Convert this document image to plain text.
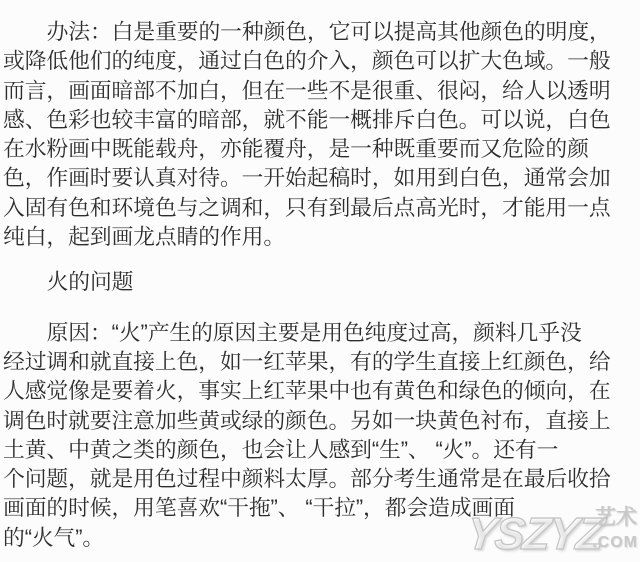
办法：白是重要的一种颜色，它可以提高其他颜色的明度，
或降低他们的纯度，通过白色的介入，颜色可以扩大色域。一般
而言，画面暗部不加白，但在一些不是很重、很闷，给人以透明
感、色彩也较丰富的暗部，就不能一概排斥白色。可以说，白色
在水粉画中既能载舟，亦能覆舟，是一种既重要而又危险的颜
色，作画时要认真对待。一开始起稿时，如用到白色，通常会加
入固有色和环境色与之调和，只有到最后点高光时，才能用一点
纯白，起到画龙点睛的作用。
火的问题
原因：“火”产生的原因主要是用色纯度过高，颜料几乎没
经过调和就直接上色，如一红苹果，有的学生直接上红颜色，给
人感觉像是要着火，事实上红苹果中也有黄色和绿色的倾向，在
调色时就要注意加些黄或绿的颜色。另如一块黄色衬布，直接上
土黄、中黄之类的颜色，也会让人感到“生”、 “火”。还有一
个问题，就是用色过程中颜料太厚。部分考生通常是在最后收拾
画面的时候，用笔喜欢“干拖”、 “干拉”，都会造成画面
的“火气”。	YSZYZ
艺术
.COM
